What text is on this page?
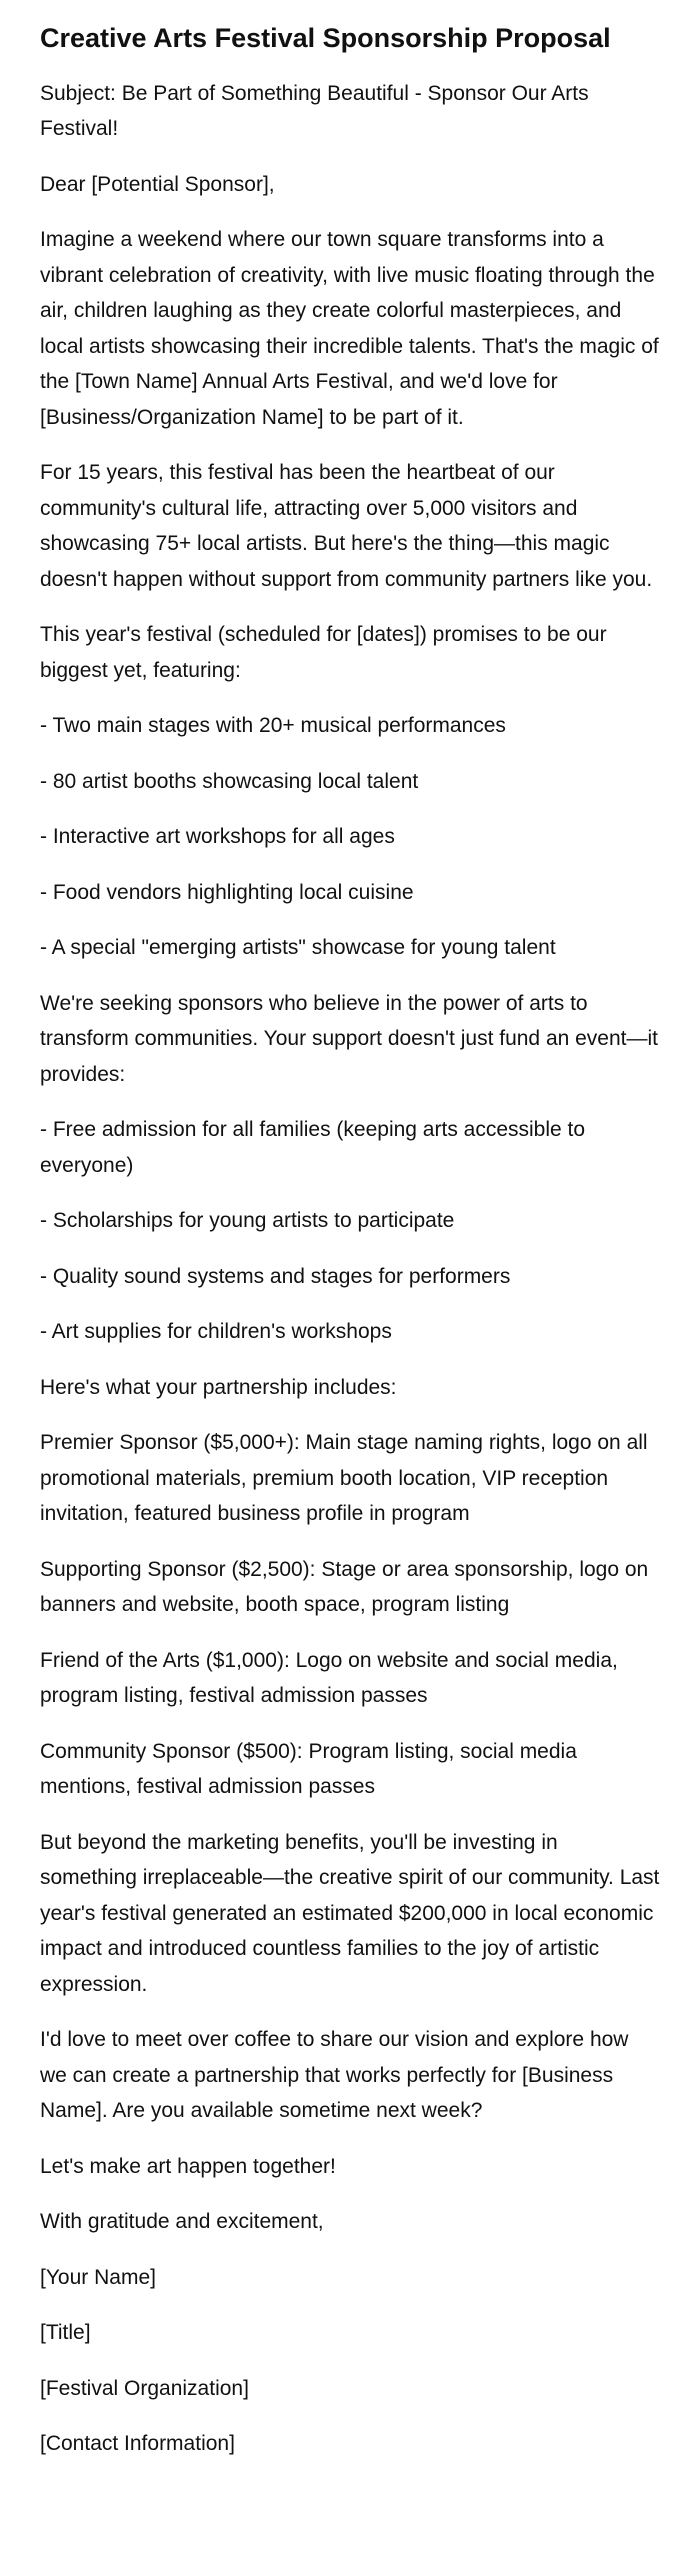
Creative Arts Festival Sponsorship Proposal

Subject: Be Part of Something Beautiful - Sponsor Our Arts Festival!

Dear [Potential Sponsor],

Imagine a weekend where our town square transforms into a vibrant celebration of creativity, with live music floating through the air, children laughing as they create colorful masterpieces, and local artists showcasing their incredible talents. That's the magic of the [Town Name] Annual Arts Festival, and we'd love for [Business/Organization Name] to be part of it.

For 15 years, this festival has been the heartbeat of our community's cultural life, attracting over 5,000 visitors and showcasing 75+ local artists. But here's the thing—this magic doesn't happen without support from community partners like you.

This year's festival (scheduled for [dates]) promises to be our biggest yet, featuring:

- Two main stages with 20+ musical performances

- 80 artist booths showcasing local talent

- Interactive art workshops for all ages

- Food vendors highlighting local cuisine

- A special "emerging artists" showcase for young talent

We're seeking sponsors who believe in the power of arts to transform communities. Your support doesn't just fund an event—it provides:

- Free admission for all families (keeping arts accessible to everyone)

- Scholarships for young artists to participate

- Quality sound systems and stages for performers

- Art supplies for children's workshops

Here's what your partnership includes:

Premier Sponsor ($5,000+): Main stage naming rights, logo on all promotional materials, premium booth location, VIP reception invitation, featured business profile in program

Supporting Sponsor ($2,500): Stage or area sponsorship, logo on banners and website, booth space, program listing

Friend of the Arts ($1,000): Logo on website and social media, program listing, festival admission passes

Community Sponsor ($500): Program listing, social media mentions, festival admission passes

But beyond the marketing benefits, you'll be investing in something irreplaceable—the creative spirit of our community. Last year's festival generated an estimated $200,000 in local economic impact and introduced countless families to the joy of artistic expression.

I'd love to meet over coffee to share our vision and explore how we can create a partnership that works perfectly for [Business Name]. Are you available sometime next week?

Let's make art happen together!

With gratitude and excitement,

[Your Name]

[Title]

[Festival Organization]

[Contact Information]
